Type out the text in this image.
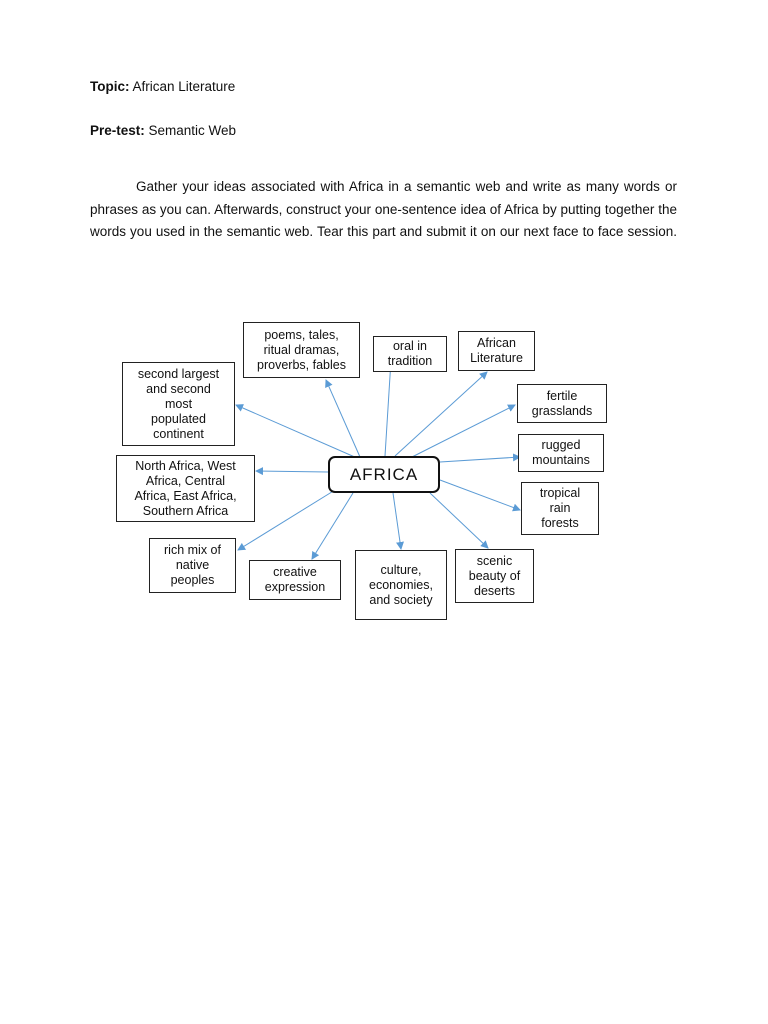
Topic: African Literature
Pre-test: Semantic Web
Gather your ideas associated with Africa in a semantic web and write as many words or phrases as you can. Afterwards, construct your one-sentence idea of Africa by putting together the words you used in the semantic web. Tear this part and submit it on our next face to face session.
poems, tales,
ritual dramas,
proverbs, fables
oral in
tradition
African
Literature
second largest
and second
most
populated
continent
fertile
grasslands
rugged
mountains
North Africa, West
Africa, Central
Africa, East Africa,
Southern Africa
tropical
rain
forests
rich mix of
native
peoples
creative
expression
culture,
economies,
and society
scenic
beauty of
deserts
AFRICA
